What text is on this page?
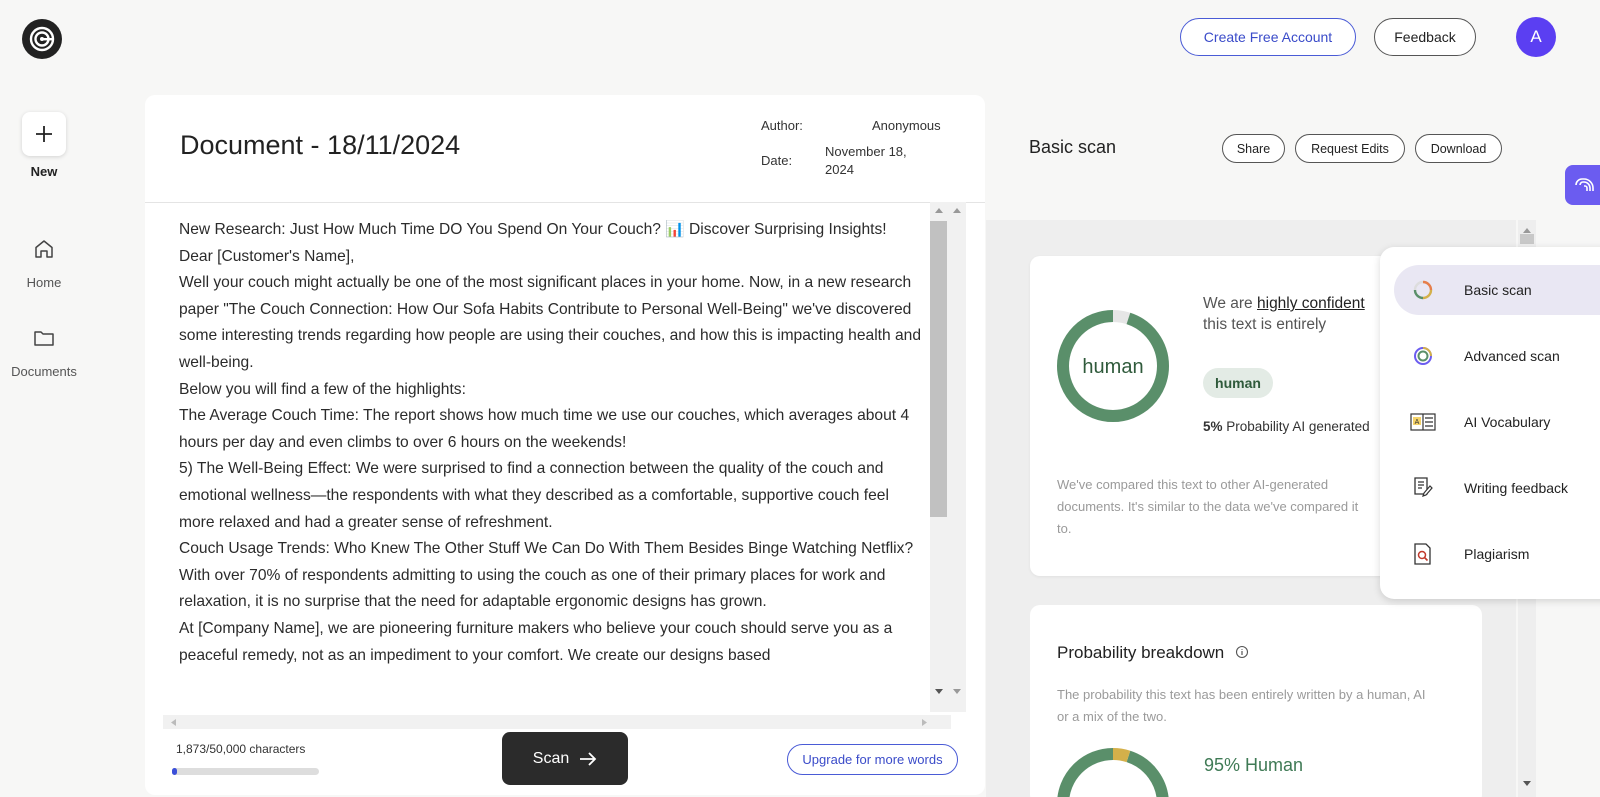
Create Free Account	Feedback	A
New
Home
Documents
Document - 18/11/2024
Author:	Anonymous
Date:
November 18,
2024
New Research: Just How Much Time DO You Spend On Your Couch? 📊 Discover Surprising Insights!
Dear [Customer's Name],
Well your couch might actually be one of the most significant places in your home. Now, in a new research paper "The Couch Connection: How Our Sofa Habits Contribute to Personal Well-Being" we've discovered some interesting trends regarding how people are using their couches, and how this is impacting health and well-being.
Below you will find a few of the highlights:
The Average Couch Time: The report shows how much time we use our couches, which averages about 4 hours per day and even climbs to over 6 hours on the weekends!
5) The Well-Being Effect: We were surprised to find a connection between the quality of the couch and emotional wellness—the respondents with what they described as a comfortable, supportive couch feel more relaxed and had a greater sense of refreshment.
Couch Usage Trends: Who Knew The Other Stuff We Can Do With Them Besides Binge Watching Netflix? With over 70% of respondents admitting to using the couch as one of their primary places for work and relaxation, it is no surprise that the need for adaptable ergonomic designs has grown.
At [Company Name], we are pioneering furniture makers who believe your couch should serve you as a peaceful remedy, not as an impediment to your comfort. We create our designs based
1,873/50,000 characters
Scan	Upgrade for more words
Basic scan	Share	Request Edits	Download
human
We are highly confident this text is entirely
human
5% Probability AI generated
We've compared this text to other AI-generated documents. It's similar to the data we've compared it to.
Probability breakdown
The probability this text has been entirely written by a human, AI or a mix of the two.
95% Human
Basic scan
Advanced scan
A	AI Vocabulary
Writing feedback
Plagiarism
